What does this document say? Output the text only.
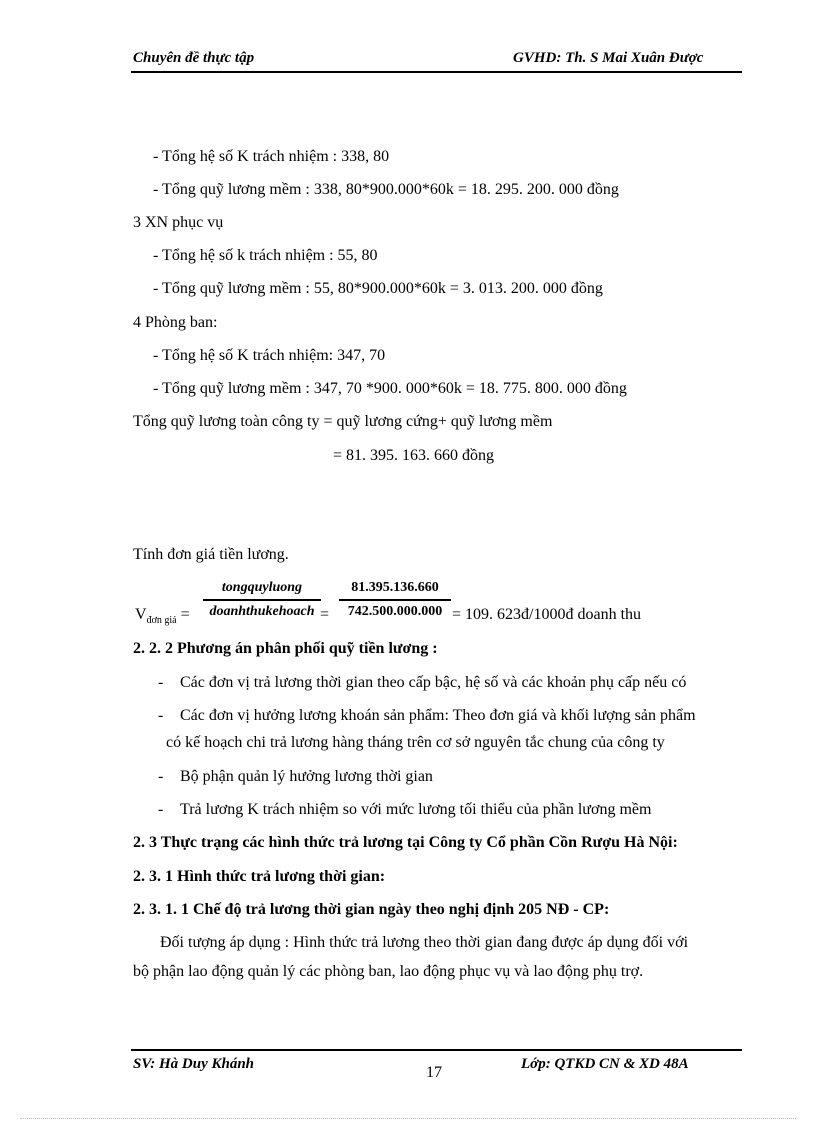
Chuyên đề thực tập	GVHD: Th. S Mai Xuân Được
- Tổng hệ số K trách nhiệm : 338, 80
- Tổng quỹ lương mềm : 338, 80*900.000*60k = 18. 295. 200. 000 đồng
3 XN phục vụ
- Tổng hệ số k trách nhiệm : 55, 80
- Tổng quỹ lương mềm : 55, 80*900.000*60k = 3. 013. 200. 000 đồng
4 Phòng ban:
- Tổng hệ số K trách nhiệm: 347, 70
- Tổng quỹ lương mềm : 347, 70 *900. 000*60k = 18. 775. 800. 000 đồng
Tổng quỹ lương toàn công ty = quỹ lương cứng+ quỹ lương mềm
= 81. 395. 163. 660 đồng
Tính đơn giá tiền lương.
$V_{đơn giá}$ =
tongquyluong
doanhthukehoach = $\frac{81.395.136.660}{742.500.000.000} = 109$. 623đ/1000đ doanh thu
2. 2. 2 Phương án phân phối quỹ tiền lương :
- Các đơn vị trả lương thời gian theo cấp bậc, hệ số và các khoản phụ cấp nếu có
- Các đơn vị hưởng lương khoán sản phẩm: Theo đơn giá và khối lượng sản phẩm
có kế hoạch chi trả lương hàng tháng trên cơ sở nguyên tắc chung của công ty
- Bộ phận quản lý hưởng lương thời gian
- Trả lương K trách nhiệm so với mức lương tối thiểu của phần lương mềm
2. 3 Thực trạng các hình thức trả lương tại Công ty Cổ phần Cồn Rượu Hà Nội:
2. 3. 1 Hình thức trả lương thời gian:
2. 3. 1. 1 Chế độ trả lương thời gian ngày theo nghị định 205 NĐ - CP:
Đối tượng áp dụng : Hình thức trả lương theo thời gian đang được áp dụng đối với
bộ phận lao động quản lý các phòng ban, lao động phục vụ và lao động phụ trợ.
SV: Hà Duy Khánh	17	Lớp: QTKD CN & XD 48A
